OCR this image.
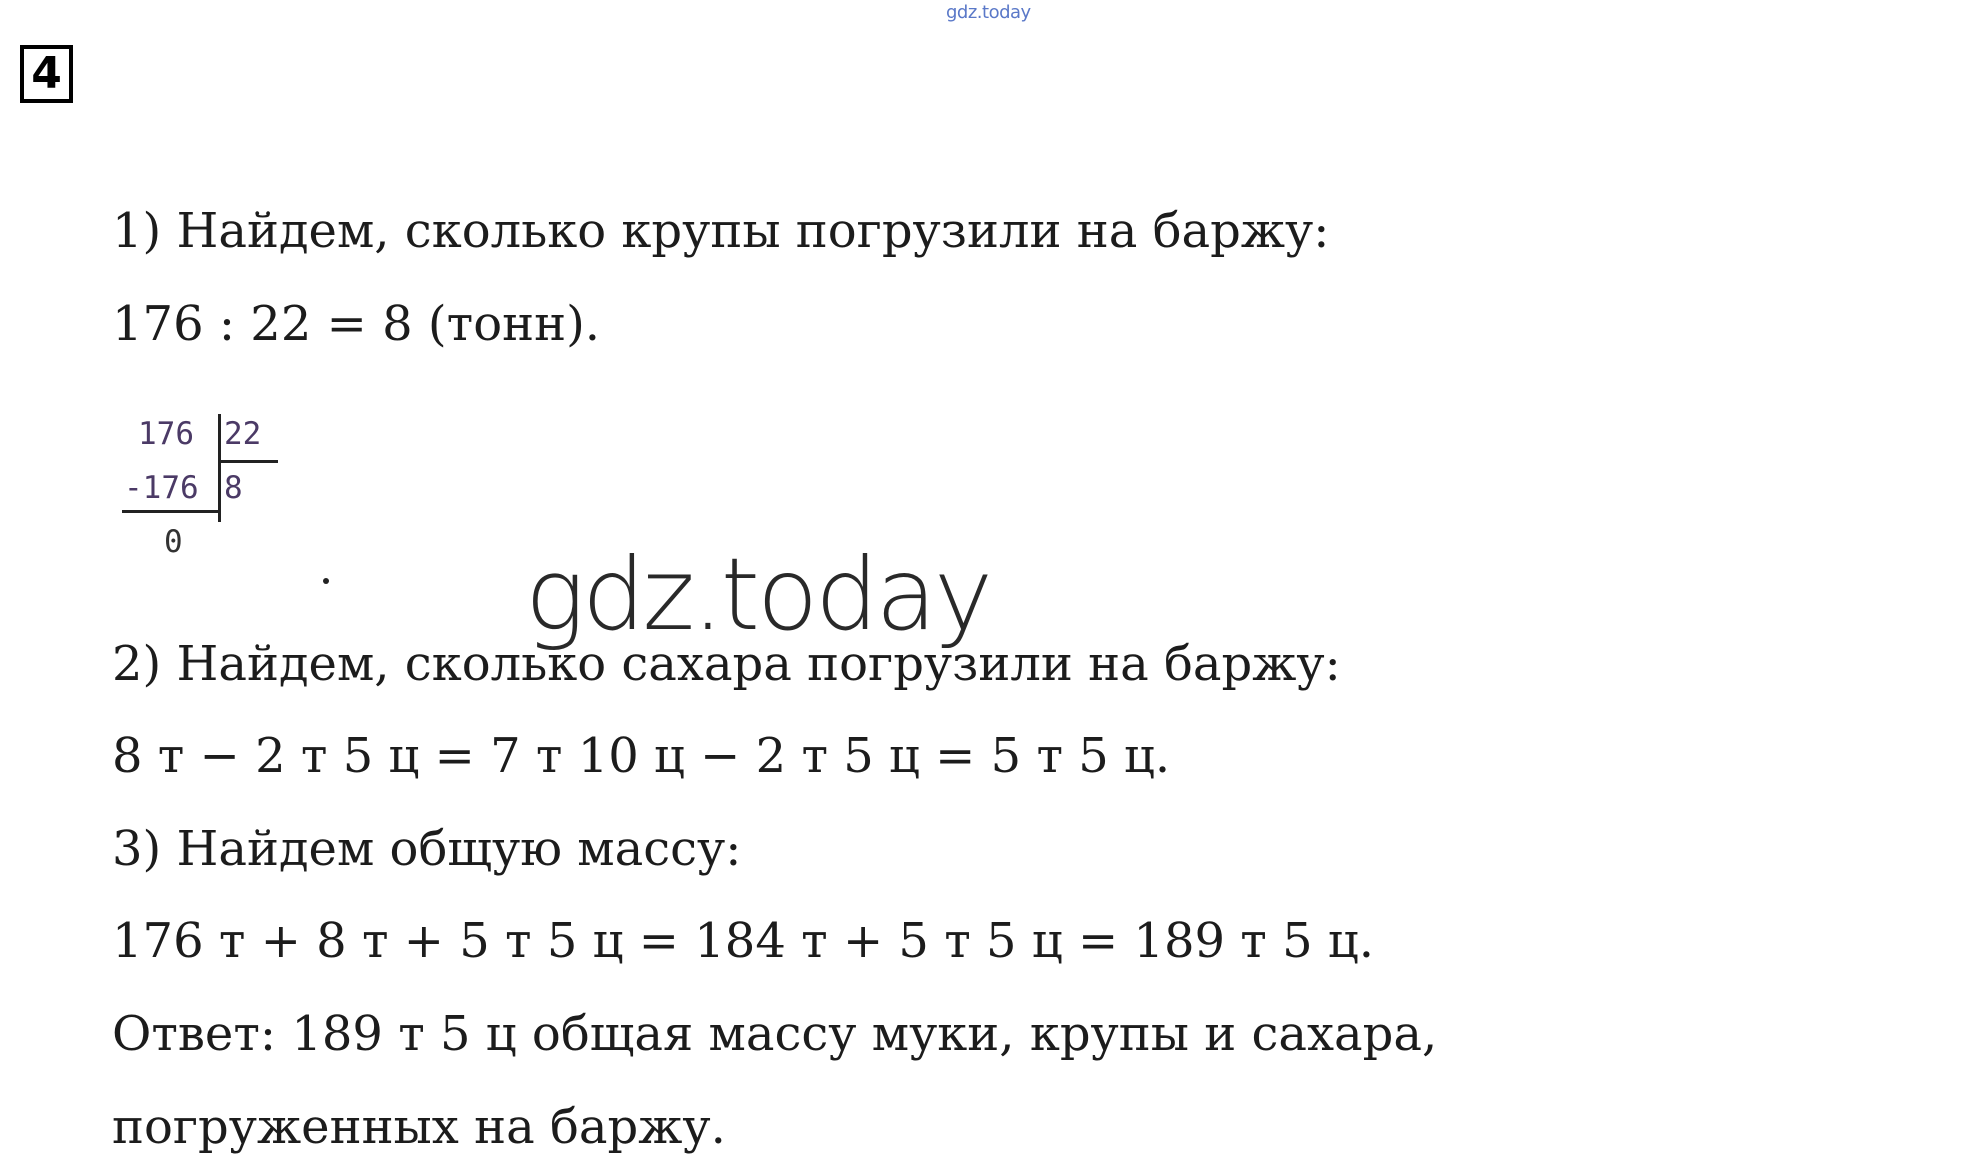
gdz.today
4
1) Найдем, сколько крупы погрузили на баржу:
176 : 22 = 8 (тонн).
176 22
-176 8
0	gdz.today
2) Найдем, сколько сахара погрузили на баржу:
8 т − 2 т 5 ц = 7 т 10 ц − 2 т 5 ц = 5 т 5 ц.
3) Найдем общую массу:
176 т + 8 т + 5 т 5 ц = 184 т + 5 т 5 ц = 189 т 5 ц.
Ответ: 189 т 5 ц общая массу муки, крупы и сахара,
погруженных на баржу.
